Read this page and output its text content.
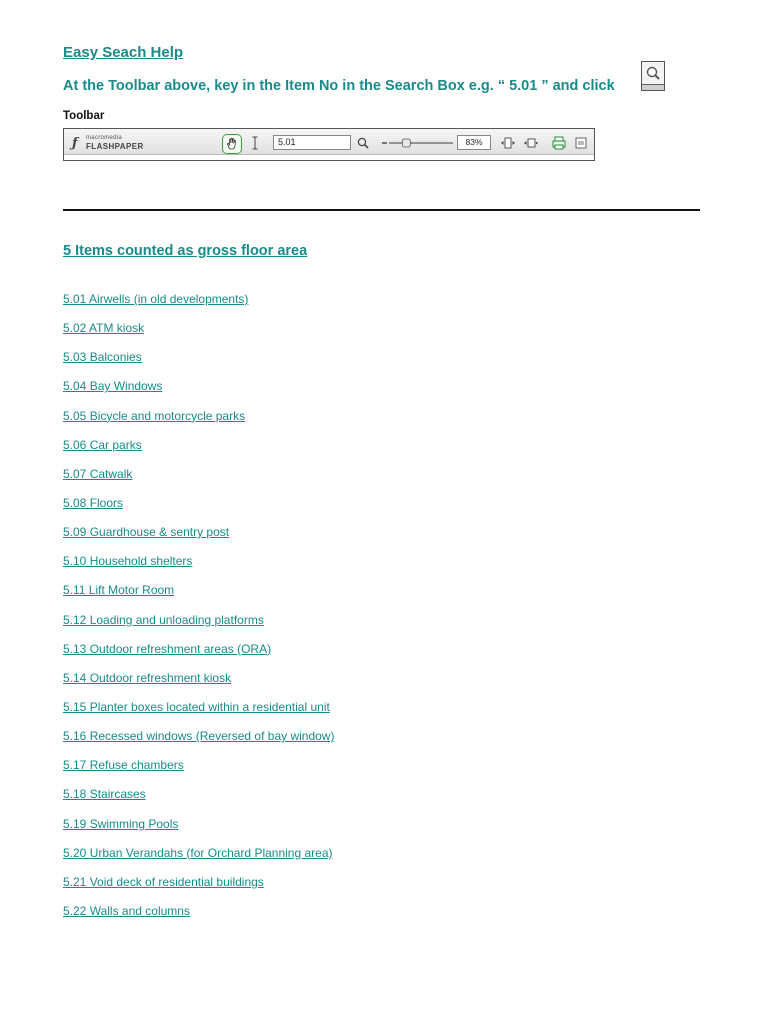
Easy Seach Help
At the Toolbar above, key in the Item No in the Search Box e.g. “ 5.01 ” and click
Toolbar
ƒ macromedia
FLASHPAPER	5.01	83%
5 Items counted as gross floor area
5.01 Airwells (in old developments)
5.02 ATM kiosk
5.03 Balconies
5.04 Bay Windows
5.05 Bicycle and motorcycle parks
5.06 Car parks
5.07 Catwalk
5.08 Floors
5.09 Guardhouse & sentry post
5.10 Household shelters
5.11 Lift Motor Room
5.12 Loading and unloading platforms
5.13 Outdoor refreshment areas (ORA)
5.14 Outdoor refreshment kiosk
5.15 Planter boxes located within a residential unit
5.16 Recessed windows (Reversed of bay window)
5.17 Refuse chambers
5.18 Staircases
5.19 Swimming Pools
5.20 Urban Verandahs (for Orchard Planning area)
5.21 Void deck of residential buildings
5.22 Walls and columns
